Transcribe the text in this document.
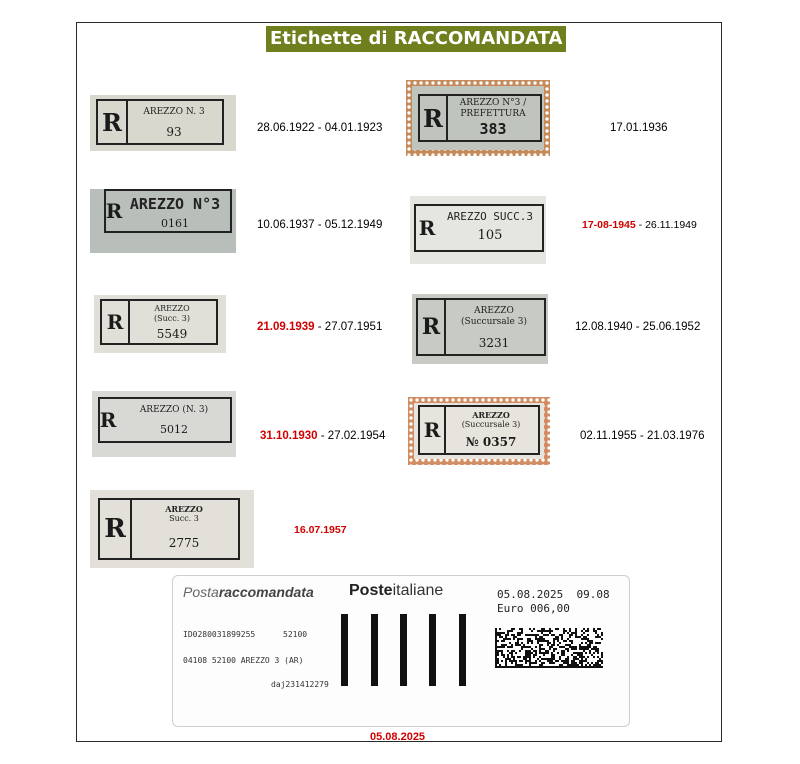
Etichette di RACCOMANDATA
R	AREZZO N. 3
93	28.06.1922 - 04.01.1923 R
AREZZO N°3 / PREFETTURA
383	17.01.1936
R AREZZO N°3
0161	10.06.1937 - 05.12.1949 R	AREZZO SUCC.3
105
17-08-1945 - 26.11.1949
R
AREZZO
(Succ. 3)
5549	21.09.1939 - 27.07.1951 R
AREZZO
(Succursale 3)
3231
12.08.1940 - 25.06.1952
R	AREZZO (N. 3)
5012	31.10.1930 - 27.02.1954 R
AREZZO
(Succursale 3)
№ 0357	02.11.1955 - 21.03.1976
R
AREZZO
Succ. 3
2775
16.07.1957
Postaraccomandata Posteitaliane	05.08.2025  09.08
Euro 006,00
ID0280031899255	52100
04108 52100 AREZZO 3 (AR)
daj231412279
05.08.2025
